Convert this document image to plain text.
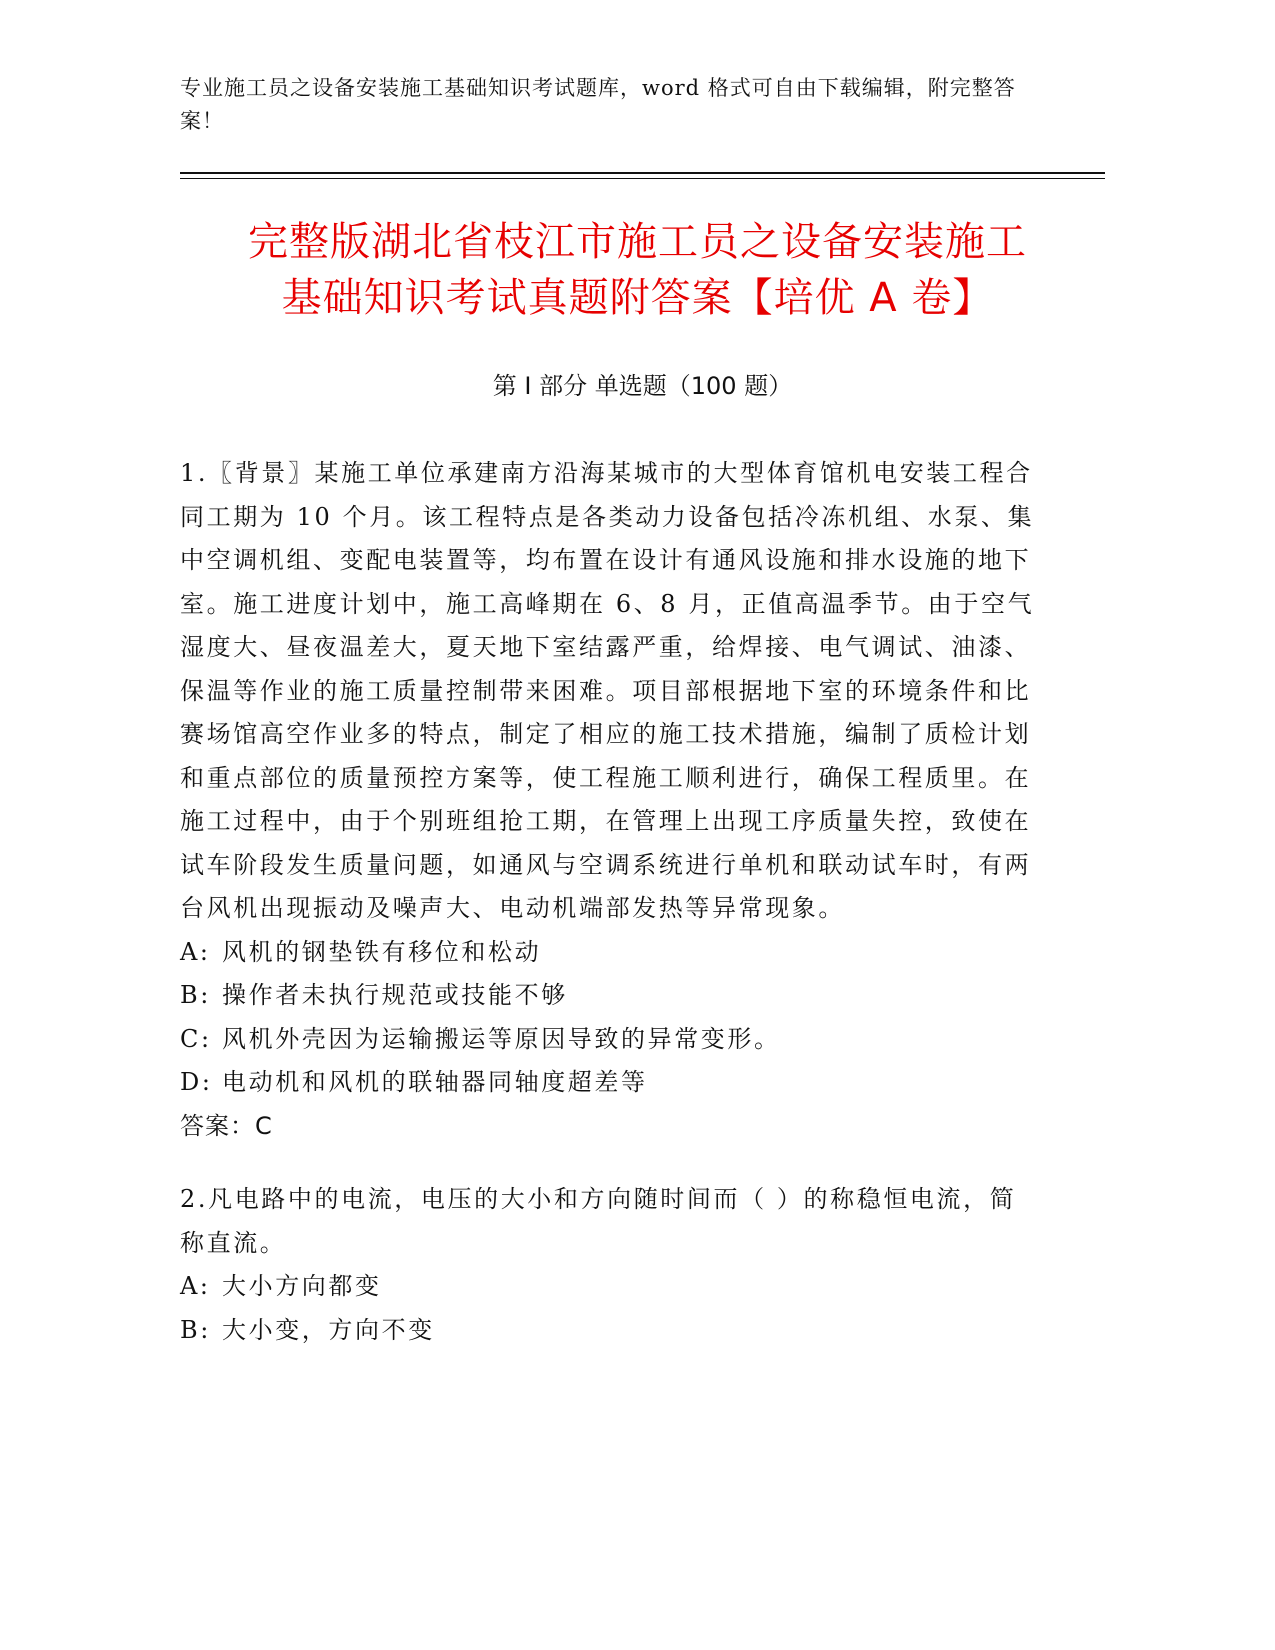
专业施工员之设备安装施工基础知识考试题库，word 格式可自由下载编辑，附完整答案！
完整版湖北省枝江市施工员之设备安装施工
基础知识考试真题附答案【培优 A 卷】
第 I 部分 单选题（100 题）
1.〖背景〗某施工单位承建南方沿海某城市的大型体育馆机电安装工程合同工期为 10 个月。该工程特点是各类动力设备包括冷冻机组、水泵、集中空调机组、变配电装置等，均布置在设计有通风设施和排水设施的地下室。施工进度计划中，施工高峰期在 6、8 月，正值高温季节。由于空气湿度大、昼夜温差大，夏天地下室结露严重，给焊接、电气调试、油漆、保温等作业的施工质量控制带来困难。项目部根据地下室的环境条件和比赛场馆高空作业多的特点，制定了相应的施工技术措施，编制了质检计划和重点部位的质量预控方案等，使工程施工顺利进行，确保工程质里。在施工过程中，由于个别班组抢工期，在管理上出现工序质量失控，致使在试车阶段发生质量问题，如通风与空调系统进行单机和联动试车时，有两台风机出现振动及噪声大、电动机端部发热等异常现象。
A: 风机的钢垫铁有移位和松动
B: 操作者未执行规范或技能不够
C: 风机外壳因为运输搬运等原因导致的异常变形。
D: 电动机和风机的联轴器同轴度超差等
答案：C
2.凡电路中的电流，电压的大小和方向随时间而（ ）的称稳恒电流，简称直流。
A: 大小方向都变
B: 大小变，方向不变
